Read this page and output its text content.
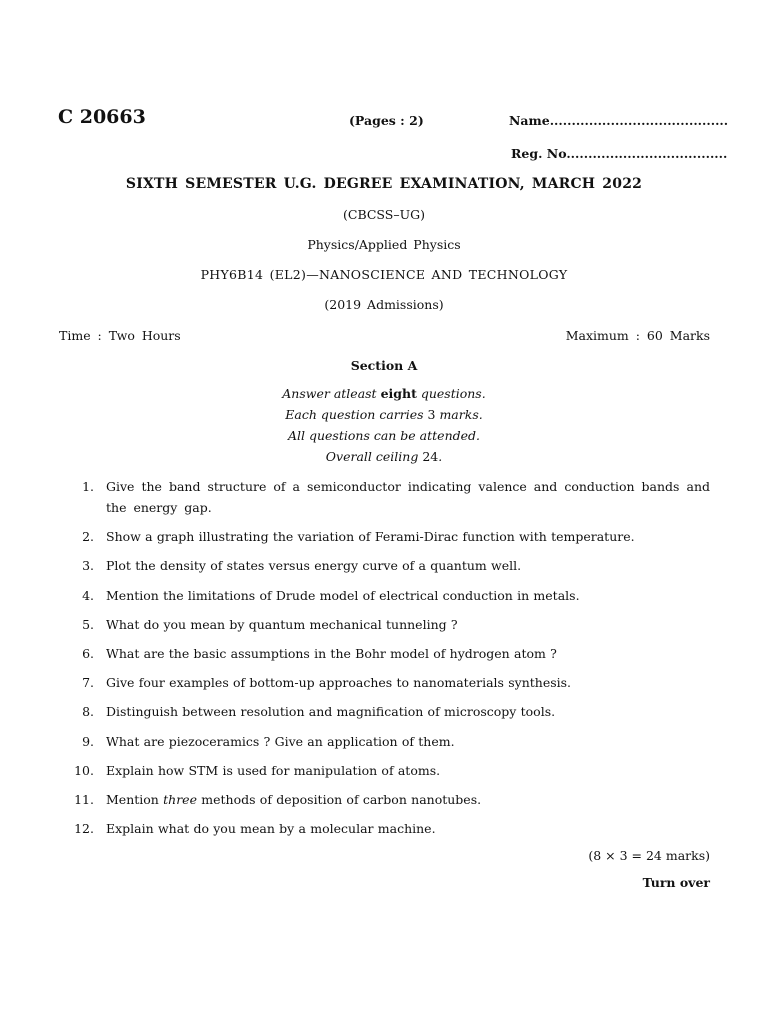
C 20663	(Pages : 2)	Name.........................................
Reg. No.....................................
SIXTH SEMESTER U.G. DEGREE EXAMINATION, MARCH 2022
(CBCSS–UG)
Physics/Applied Physics
PHY6B14 (EL2)—NANOSCIENCE AND TECHNOLOGY
(2019 Admissions)
Time : Two Hours	Maximum : 60 Marks
Section A
Answer atleast eight questions.
Each question carries 3 marks.
All questions can be attended.
Overall ceiling 24.
1. Give the band structure of a semiconductor indicating valence and conduction bands and the energy gap.
2. Show a graph illustrating the variation of Ferami-Dirac function with temperature.
3. Plot the density of states versus energy curve of a quantum well.
4. Mention the limitations of Drude model of electrical conduction in metals.
5. What do you mean by quantum mechanical tunneling ?
6. What are the basic assumptions in the Bohr model of hydrogen atom ?
7. Give four examples of bottom-up approaches to nanomaterials synthesis.
8. Distinguish between resolution and magnification of microscopy tools.
9. What are piezoceramics ? Give an application of them.
10. Explain how STM is used for manipulation of atoms.
11. Mention three methods of deposition of carbon nanotubes.
12. Explain what do you mean by a molecular machine.
(8 × 3 = 24 marks)
Turn over
